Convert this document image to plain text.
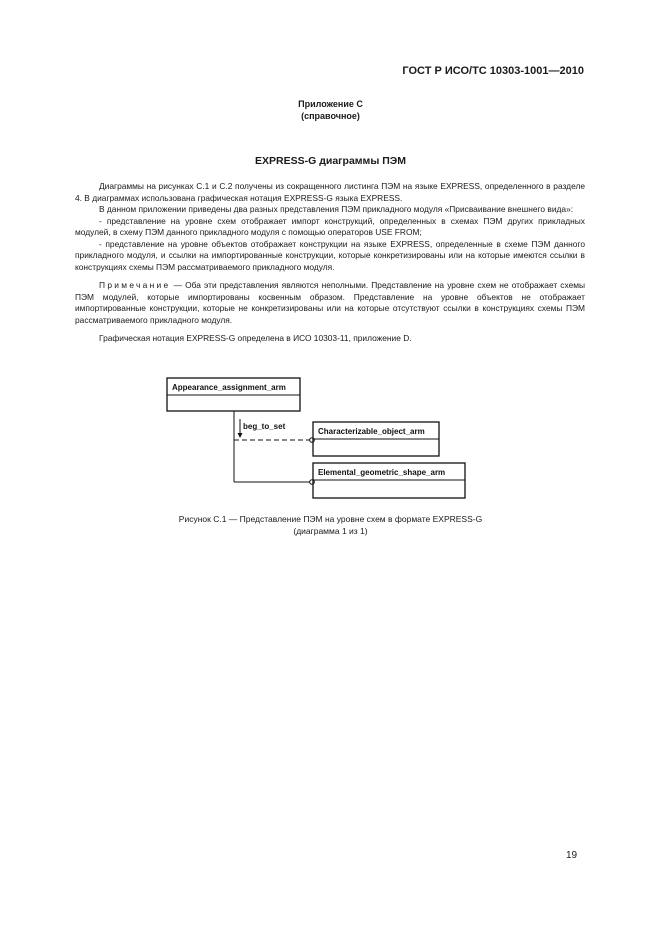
ГОСТ Р ИСО/ТС 10303-1001—2010
Приложение С
(справочное)
EXPRESS-G диаграммы ПЭМ

Диаграммы на рисунках С.1 и С.2 получены из сокращенного листинга ПЭМ на языке EXPRESS, определенного в разделе 4. В диаграммах использована графическая нотация EXPRESS-G языка EXPRESS.

В данном приложении приведены два разных представления ПЭМ прикладного модуля «Присваивание внешнего вида»:

- представление на уровне схем отображает импорт конструкций, определенных в схемах ПЭМ других прикладных модулей, в схему ПЭМ данного прикладного модуля с помощью операторов USE FROM;

- представление на уровне объектов отображает конструкции на языке EXPRESS, определенные в схеме ПЭМ данного прикладного модуля, и ссылки на импортированные конструкции, которые конкретизированы или на которые имеются ссылки в конструкциях схемы ПЭМ рассматриваемого прикладного модуля.

Примечание — Оба эти представления являются неполными. Представление на уровне схем не отображает схемы ПЭМ модулей, которые импортированы косвенным образом. Представление на уровне объектов не отображает импортированные конструкции, которые не конкретизированы или на которые отсутствуют ссылки в конструкциях схемы ПЭМ рассматриваемого прикладного модуля.

Графическая нотация EXPRESS-G определена в ИСО 10303-11, приложение D.

Appearance_assignment_arm
beg_to_set
Characterizable_object_arm
Elemental_geometric_shape_arm
Рисунок С.1 — Представление ПЭМ на уровне схем в формате EXPRESS-G
(диаграмма 1 из 1)
19
